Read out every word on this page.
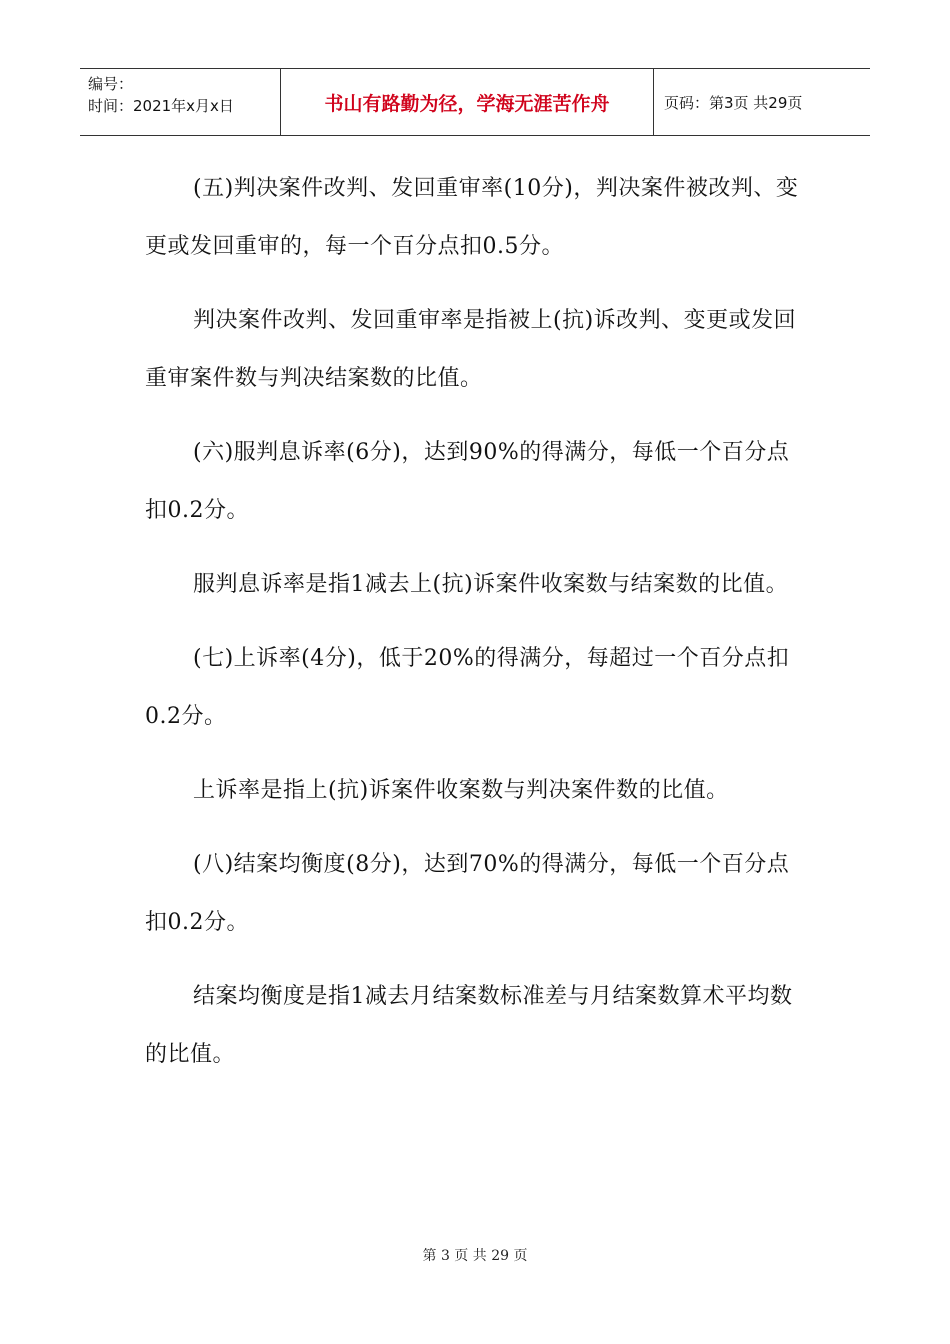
编号：
时间：2021年x月x日	书山有路勤为径，学海无涯苦作舟	页码：第3页 共29页

(五)判决案件改判、发回重审率(10分)，判决案件被改判、变更或发回重审的，每一个百分点扣0.5分。

判决案件改判、发回重审率是指被上(抗)诉改判、变更或发回重审案件数与判决结案数的比值。

(六)服判息诉率(6分)，达到90%的得满分，每低一个百分点扣0.2分。

服判息诉率是指1减去上(抗)诉案件收案数与结案数的比值。

(七)上诉率(4分)，低于20%的得满分，每超过一个百分点扣0.2分。

上诉率是指上(抗)诉案件收案数与判决案件数的比值。

(八)结案均衡度(8分)，达到70%的得满分，每低一个百分点扣0.2分。

结案均衡度是指1减去月结案数标准差与月结案数算术平均数的比值。

第 3 页 共 29 页
